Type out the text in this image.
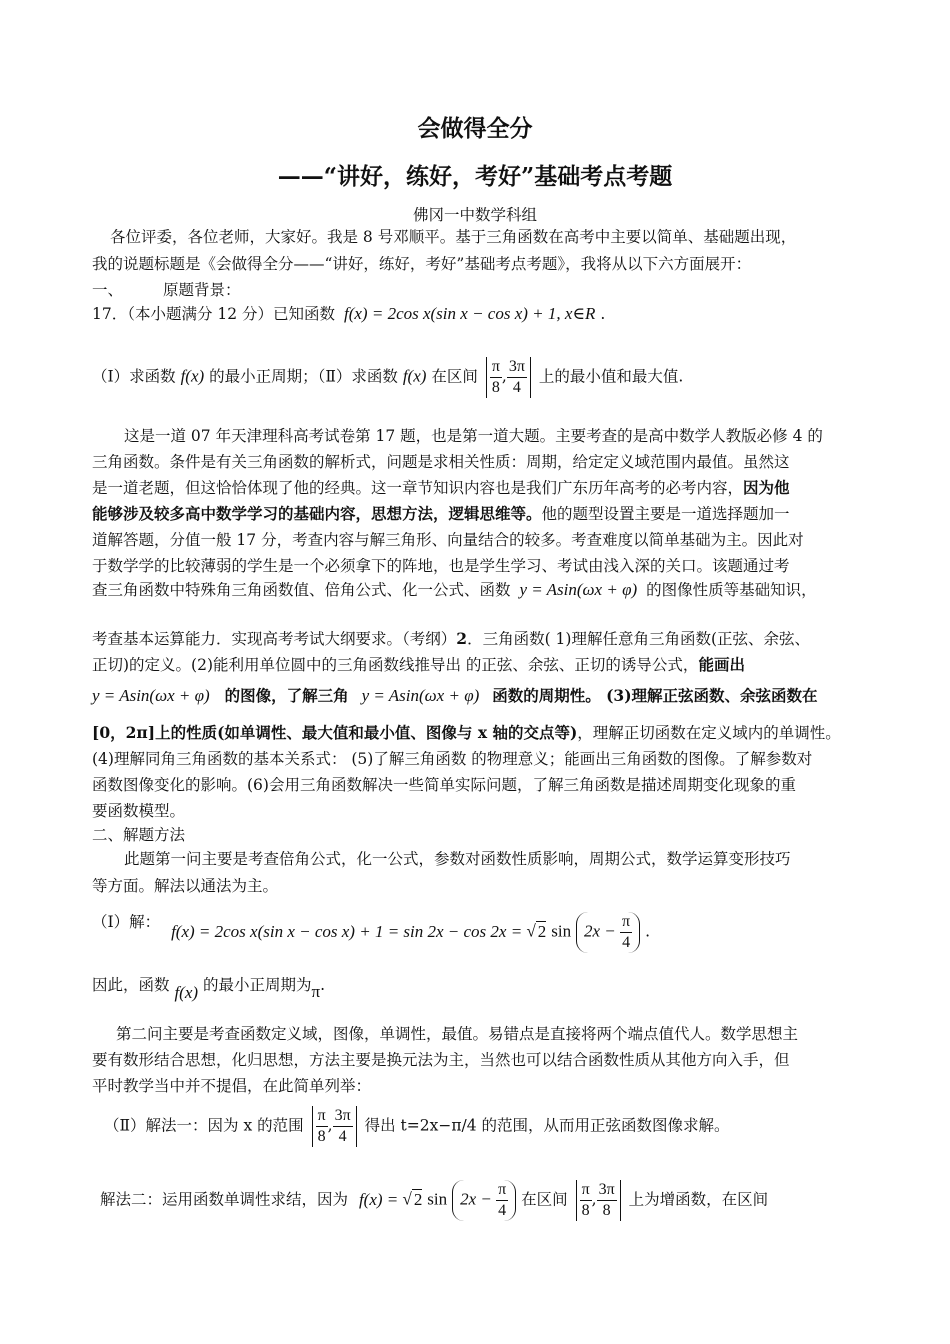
会做得全分
——“讲好，练好，考好”基础考点考题
佛冈一中数学科组
各位评委，各位老师，大家好。我是 8 号邓顺平。基于三角函数在高考中主要以简单、基础题出现，
我的说题标题是《会做得全分——“讲好，练好，考好”基础考点考题》，我将从以下六方面展开：
一、	原题背景：
17．（本小题满分 12 分）已知函数 f(x) = 2cos x(sin x − cos x) + 1, x∈R .
（Ⅰ）求函数 f(x) 的最小正周期；（Ⅱ）求函数 f(x) 在区间 $\frac{\pi}{8}$ , $\frac{3\pi}{4}$ 上的最小值和最大值.
这是一道 07 年天津理科高考试卷第 17 题，也是第一道大题。主要考查的是高中数学人教版必修 4 的
三角函数。条件是有关三角函数的解析式，问题是求相关性质：周期，给定定义域范围内最值。虽然这
是一道老题，但这恰恰体现了他的经典。这一章节知识内容也是我们广东历年高考的必考内容，因为他
能够涉及较多高中数学学习的基础内容，思想方法，逻辑思维等。他的题型设置主要是一道选择题加一
道解答题，分值一般 17 分，考查内容与解三角形、向量结合的较多。考查难度以简单基础为主。因此对
于数学学的比较薄弱的学生是一个必须拿下的阵地，也是学生学习、考试由浅入深的关口。该题通过考
查三角函数中特殊角三角函数值、倍角公式、化一公式、函数 y = Asin(ωx + φ) 的图像性质等基础知识，
考查基本运算能力．实现高考考试大纲要求。（考纲）2．三角函数( 1)理解任意角三角函数(正弦、余弦、
正切)的定义。(2)能利用单位圆中的三角函数线推导出 的正弦、余弦、正切的诱导公式，能画出
y = Asin(ωx + φ) 的图像，了解三角 y = Asin(ωx + φ) 函数的周期性。 (3)理解正弦函数、余弦函数在
[0，2π]上的性质(如单调性、最大值和最小值、图像与 x 轴的交点等)，理解正切函数在定义域内的单调性。
(4)理解同角三角函数的基本关系式： (5)了解三角函数 的物理意义；能画出三角函数的图像。了解参数对
函数图像变化的影响。(6)会用三角函数解决一些简单实际问题，了解三角函数是描述周期变化现象的重
要函数模型。
二、解题方法
此题第一问主要是考查倍角公式，化一公式，参数对函数性质影响，周期公式，数学运算变形技巧
等方面。解法以通法为主。
（Ⅰ）解： f(x) = 2cos x(sin x − cos x) + 1 = sin 2x − cos 2x = √ 2 $\sin 2x - \frac{\pi}{4}$ .
因此，函数 f(x) 的最小正周期为π.
第二问主要是考查函数定义域，图像，单调性，最值。易错点是直接将两个端点值代人。数学思想主
要有数形结合思想，化归思想，方法主要是换元法为主，当然也可以结合函数性质从其他方向入手，但
平时教学当中并不提倡，在此简单列举：
（Ⅱ）解法一：因为 x 的范围 $\frac{\pi}{8}$ , $\frac{3\pi}{4}$ 得出 t=2x−π/4 的范围，从而用正弦函数图像求解。
解法二：运用函数单调性求结，因为 f(x) = √ 2 $\sin 2x - \frac{\pi}{4}$ 在区间 $\frac{\pi}{8}$ , $\frac{3\pi}{8}$ 上为增函数，在区间
